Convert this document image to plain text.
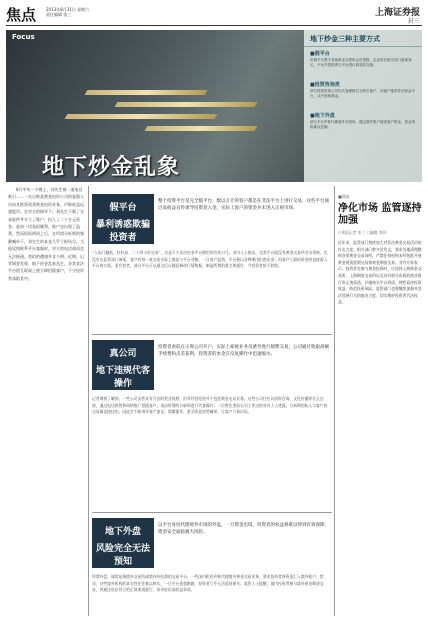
焦点 2013年8月31日 星期六
责任编辑 张三	上海证券报
封三
Focus
地下炒金乱象
地下炒金三种主要方式
■假平台
所谓平台既不具备黄金交易所会员资格，也没有在相关部门备案登记，不允许投资者与平台进行真实的交割。
■投资咨询类
部分投资咨询公司以代客理财名义吸引客户，向客户推荐非法炒金平台，从中获取佣金。
■地下外盘
部分平台声称代理境外交易所，通过境外账户接受客户资金，资金风险难以控制。
8月中旬一个晚上，刘先生被一通电话吸引……一名自称某黄金投资公司的客服人员向其推荐现货黄金投资业务，声称收益远超股市。在对方的指导下，刘先生下载了交易软件并开立了账户，投入了二十万元资金。起初一切看似顺利，账户也出现了盈利，然而短短两周之后，在所谓分析师的频繁喊单下，刘先生的本金几乎亏损殆尽。当他试图联系平台客服时，对方的电话却再也无法接通。类似的遭遇并非个例。近期，记者调查发现，地下炒金乱象丛生，各类非法平台借互联网之便大肆招揽客户，不少投资者深陷其中。
假平台
暴利诱惑欺骗投资者
整个投资平台是完全假平台，数以万计的客户都是在非法平台上进行交易，这些平台通过高收益宣传诱导投资者入金，实际上客户的资金并未进入正规市场。
“入场门槛低、杠杆高、二十四小时交易”，这是不少非法炒金平台惯用的宣传口号。业内人士指出，这类平台既没有黄金交易所会员资格，也没有在监管部门备案，客户的每一笔交易实际上都是与平台对赌。一旦客户盈利，平台便以各种理由拒绝出金；而客户亏损的资金则直接落入平台的口袋。更有甚者，部分平台可以通过后台随意修改行情数据，制造所谓的滑点和插针，令投资者防不胜防。
真公司
地下违规代客操作
投资者看似在正规公司开户，实际上却被业务员诱导进行频繁交易，公司通过收取高额手续费和点差获利，投资者的本金在反复操作中迅速缩水。
记者调查了解到，一些公司虽然具有合法的营业执照，但其经营范围并不包括黄金交易业务。这些公司往往以投资咨询、文化传播等名义注册，通过电话销售和网络推广招揽客户，再由所谓的分析师进行代客操作。一位曾在类似公司工作过的业内人士透露，分析师的收入与客户的交易量直接挂钩，因此会不断诱导客户加仓、频繁操作，甚至故意逆势喊单，让客户亏损出局。
地下外盘
风险完全无法预知
以平台身份代理境外市场的外盘，一旦资金出境，投资者的权益将难以得到有效保障，资金安全面临极大风险。
所谓外盘，通常是指境外交易所或境外经纪商的交易平台。一些国内机构声称代理境外黄金交易业务，要求投资者将资金汇入境外账户。然而，这些境外机构的真实性往往难以核实，一旦平台卷款跑路，投资者几乎无法追回损失。监管人士提醒，境内投资者参与境外黄金期货交易，须通过依法设立的正规渠道进行，切勿轻信高收益承诺。
■链接
净化市场 监管逐持加强
○本报记者 张三 ○编辑 李四
近年来，监管部门持续加大对非法黄金交易活动的打击力度。相关部门曾多次发文，要求各地清理整顿各类黄金交易场所，严禁任何机构未经批准开展黄金现货延期交易和黄金期货交易。业内专家表示，投资者在参与黄金投资时，应选择上海黄金交易所、上海期货交易所以及具有相关资质的商业银行等正规渠道，仔细核实平台资质，理性看待投资收益，防范投资风险。监管部门也将继续加强对违法违规行为的查处力度，切实维护投资者合法权益。
